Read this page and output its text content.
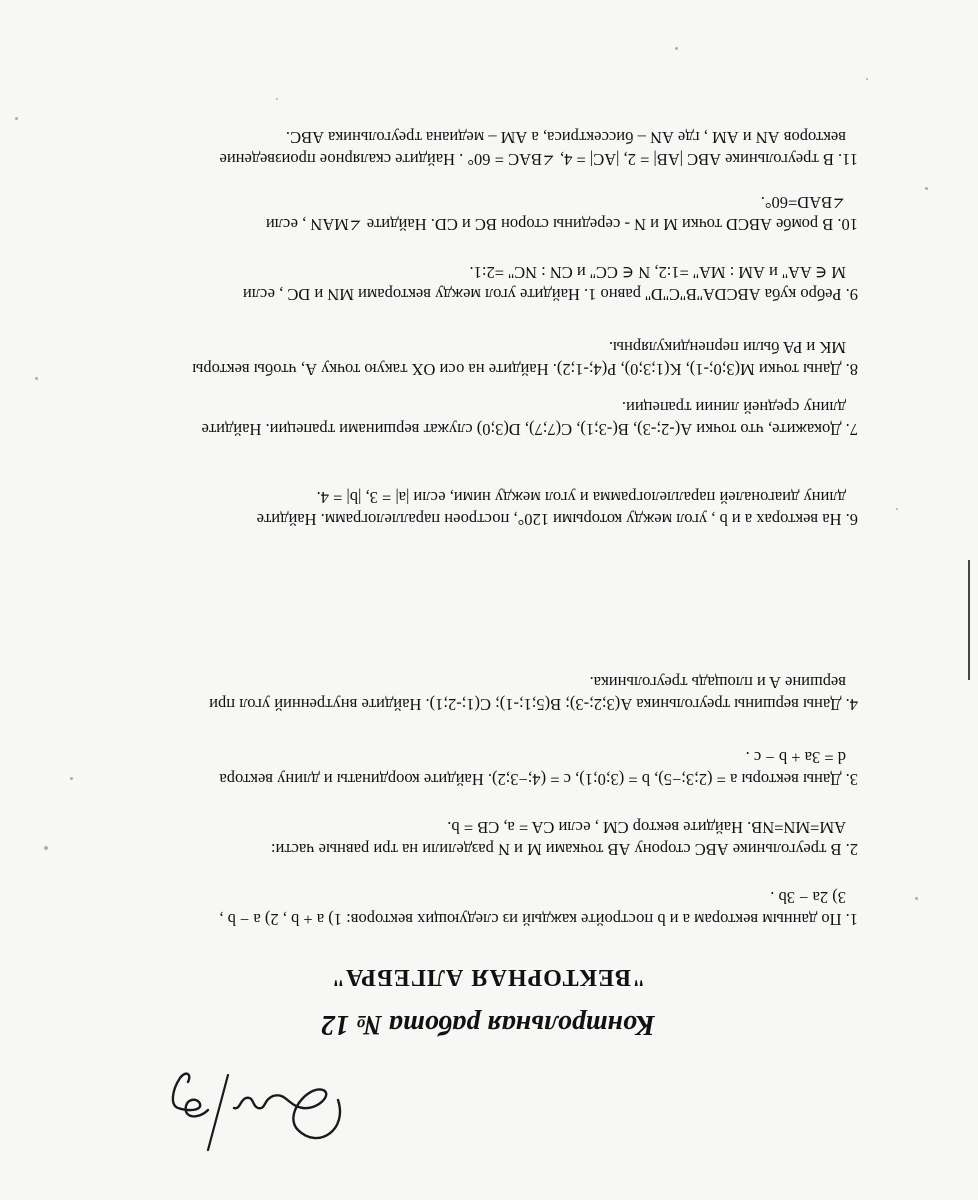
Контрольная работа № 12
"ВЕКТОРНАЯ АЛГЕБРА"
1. По данным векторам a и b постройте каждый из следующих векторов: 1) a + b , 2) a − b ,
3) 2a − 3b .
2. В треугольнике ABC сторону AB точками M и N разделили на три равные части:
AM=MN=NB. Найдите вектор CM , если CA = a, CB = b.
3. Даны векторы a = (2;3;−5), b = (3;0;1), c = (4;−3;2). Найдите координаты и длину вектора
d = 3a + b − c .
4. Даны вершины треугольника A(3;2;-3); B(5;1;-1); C(1;-2;1). Найдите внутренний угол при
вершине A и площадь треугольника.
6. На векторах a и b , угол между которыми 120°, построен параллелограмм. Найдите
длину диагоналей параллелограмма и угол между ними, если |a| = 3, |b| = 4.
7. Докажите, что точки A(-2;-3), B(-3;1), C(7;7), D(3;0) служат вершинами трапеции. Найдите
длину средней линии трапеции.
8. Даны точки M(3;0;-1), K(1;3;0), P(4;-1;2). Найдите на оси OX такую точку A, чтобы векторы
MK и PA были перпендикулярны.
9. Ребро куба ABCDA''B''C''D'' равно 1. Найдите угол между векторами MN и DC , если
M ∈ AA'' и AM : MA'' =1:2, N ∈ CC'' и CN : NC'' =2:1.
10. В ромбе ABCD точки M и N - середины сторон BC и CD. Найдите ∠MAN , если
∠BAD=60°.
11. В треугольнике ABC |AB| = 2, |AC| = 4, ∠BAC = 60° . Найдите скалярное произведение
векторов AN и AM , где AN – биссектриса, а AM – медиана треугольника ABC.
